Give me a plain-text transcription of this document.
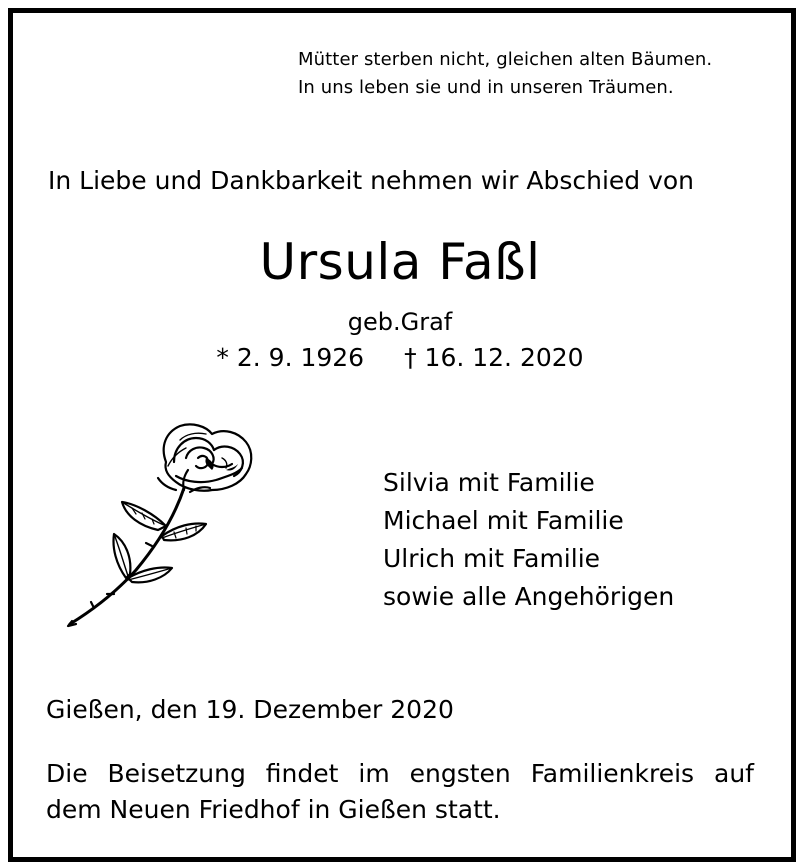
Mütter sterben nicht, gleichen alten Bäumen.
In uns leben sie und in unseren Träumen.
In Liebe und Dankbarkeit nehmen wir Abschied von
Ursula Faßl
geb.Graf
* 2. 9. 1926 † 16. 12. 2020
Silvia mit Familie
Michael mit Familie
Ulrich mit Familie
sowie alle Angehörigen
Gießen, den 19. Dezember 2020
Die Beisetzung findet im engsten Familienkreis auf
dem Neuen Friedhof in Gießen statt.
